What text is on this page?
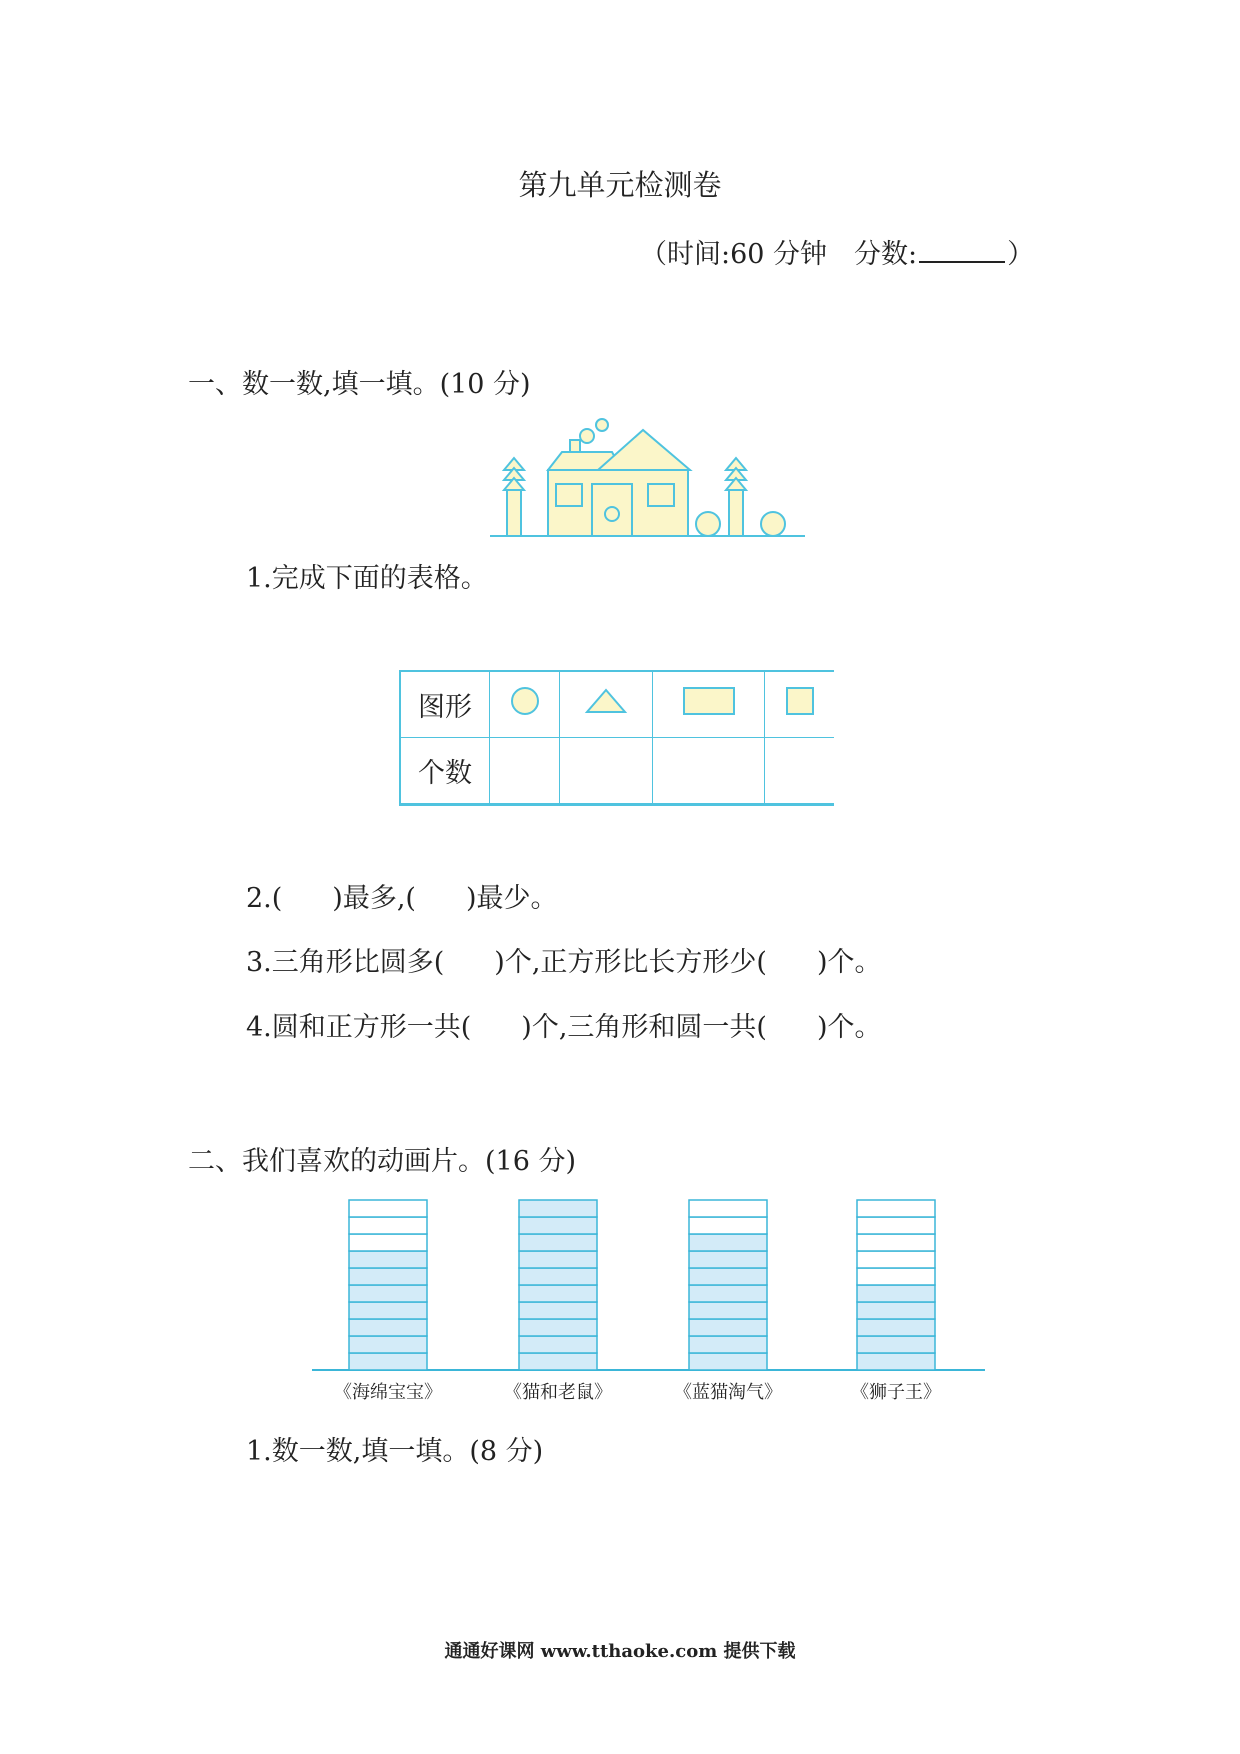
第九单元检测卷
（时间:60 分钟　分数:	）
一、数一数,填一填。(10 分)
1.完成下面的表格。
图形				
个数				
2.( )最多,( )最少。
3.三角形比圆多( )个,正方形比长方形少( )个。
4.圆和正方形一共( )个,三角形和圆一共( )个。
二、我们喜欢的动画片。(16 分)
《海绵宝宝》	《猫和老鼠》	《蓝猫淘气》	《狮子王》
1.数一数,填一填。(8 分)
通通好课网 www.tthaoke.com 提供下载
